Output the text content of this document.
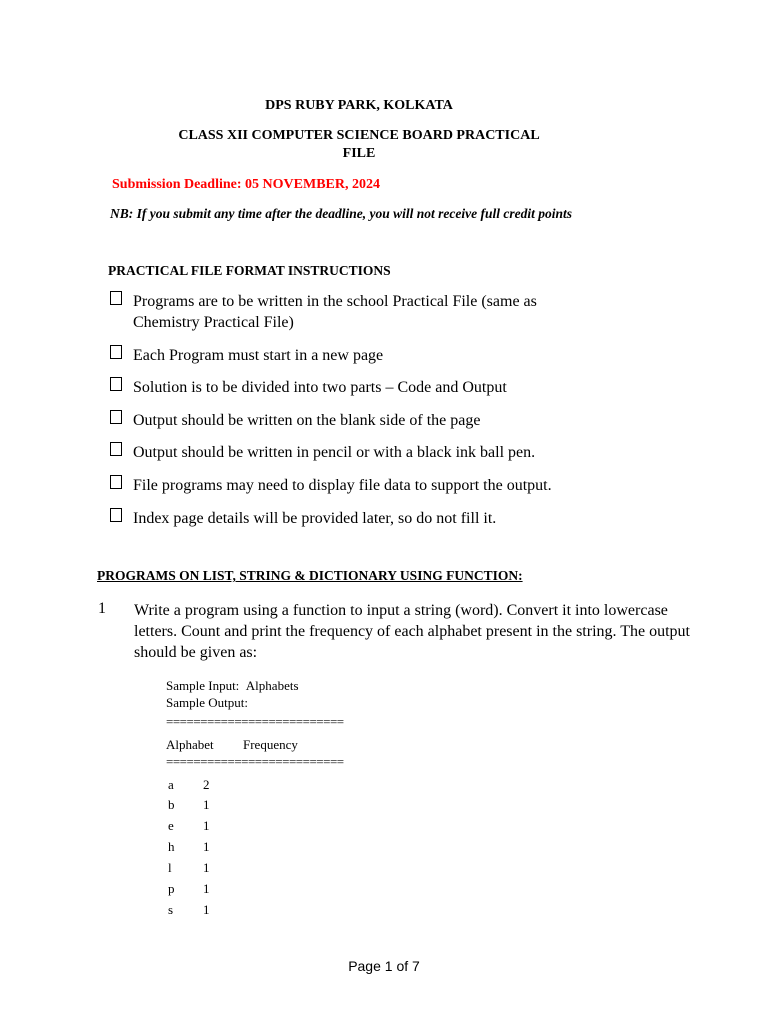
DPS RUBY PARK, KOLKATA
CLASS XII COMPUTER SCIENCE BOARD PRACTICAL
FILE
Submission Deadline: 05 NOVEMBER, 2024
NB: If you submit any time after the deadline, you will not receive full credit points
PRACTICAL FILE FORMAT INSTRUCTIONS
Programs are to be written in the school Practical File (same as Chemistry Practical File)
Each Program must start in a new page
Solution is to be divided into two parts – Code and Output
Output should be written on the blank side of the page
Output should be written in pencil or with a black ink ball pen.
File programs may need to display file data to support the output.
Index page details will be provided later, so do not fill it.
PROGRAMS ON LIST, STRING & DICTIONARY USING FUNCTION:
1 Write a program using a function to input a string (word). Convert it into lowercase letters. Count and print the frequency of each alphabet present in the string. The output should be given as:
Sample Input: Alphabets
Sample Output:
==========================
Alphabet Frequency
==========================
a 2
b 1
e 1
h 1
l 1
p 1
s 1
Page 1 of 7
